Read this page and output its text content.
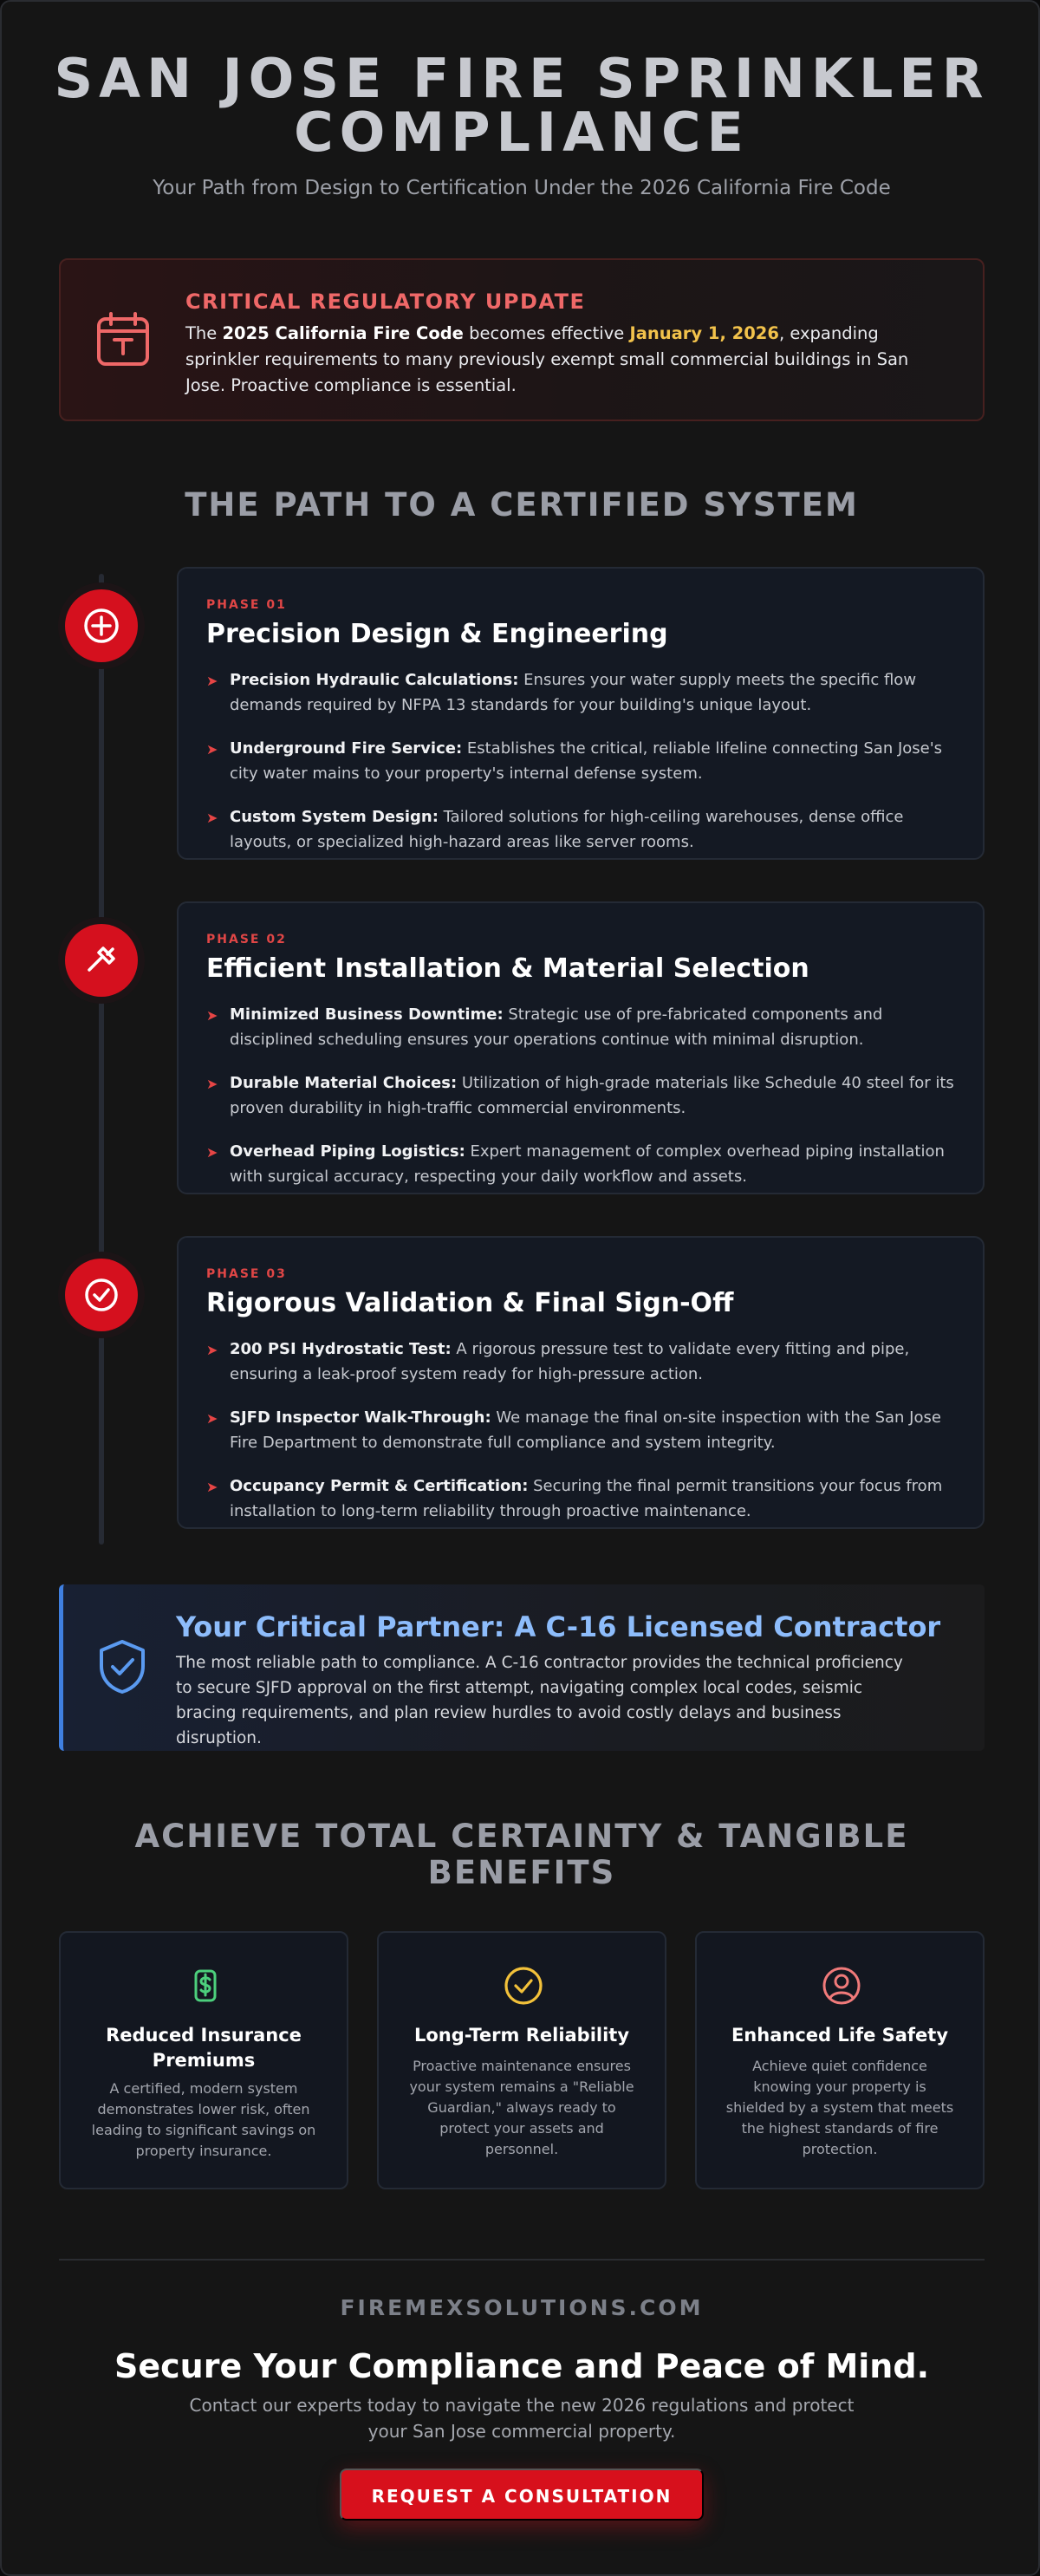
SAN JOSE FIRE SPRINKLER
COMPLIANCE
Your Path from Design to Certification Under the 2026 California Fire Code
CRITICAL REGULATORY UPDATE
The 2025 California Fire Code becomes effective January 1, 2026, expanding sprinkler requirements to many previously exempt small commercial buildings in San Jose. Proactive compliance is essential.
THE PATH TO A CERTIFIED SYSTEM
PHASE 01
Precision Design & Engineering
➤ Precision Hydraulic Calculations: Ensures your water supply meets the specific flow demands required by NFPA 13 standards for your building's unique layout.
➤ Underground Fire Service: Establishes the critical, reliable lifeline connecting San Jose's city water mains to your property's internal defense system.
➤ Custom System Design: Tailored solutions for high-ceiling warehouses, dense office layouts, or specialized high-hazard areas like server rooms.
PHASE 02
Efficient Installation & Material Selection
➤ Minimized Business Downtime: Strategic use of pre-fabricated components and disciplined scheduling ensures your operations continue with minimal disruption.
➤ Durable Material Choices: Utilization of high-grade materials like Schedule 40 steel for its proven durability in high-traffic commercial environments.
➤ Overhead Piping Logistics: Expert management of complex overhead piping installation with surgical accuracy, respecting your daily workflow and assets.
PHASE 03
Rigorous Validation & Final Sign-Off
➤ 200 PSI Hydrostatic Test: A rigorous pressure test to validate every fitting and pipe, ensuring a leak-proof system ready for high-pressure action.
➤ SJFD Inspector Walk-Through: We manage the final on-site inspection with the San Jose Fire Department to demonstrate full compliance and system integrity.
➤ Occupancy Permit & Certification: Securing the final permit transitions your focus from installation to long-term reliability through proactive maintenance.
Your Critical Partner: A C-16 Licensed Contractor
The most reliable path to compliance. A C-16 contractor provides the technical proficiency to secure SJFD approval on the first attempt, navigating complex local codes, seismic bracing requirements, and plan review hurdles to avoid costly delays and business disruption.
ACHIEVE TOTAL CERTAINTY & TANGIBLE
BENEFITS
Reduced Insurance Premiums
A certified, modern system demonstrates lower risk, often leading to significant savings on property insurance.
Long-Term Reliability
Proactive maintenance ensures your system remains a "Reliable Guardian," always ready to protect your assets and personnel.
Enhanced Life Safety
Achieve quiet confidence knowing your property is shielded by a system that meets the highest standards of fire protection.
FIREMEXSOLUTIONS.COM
Secure Your Compliance and Peace of Mind.
Contact our experts today to navigate the new 2026 regulations and protect your San Jose commercial property.
REQUEST A CONSULTATION
